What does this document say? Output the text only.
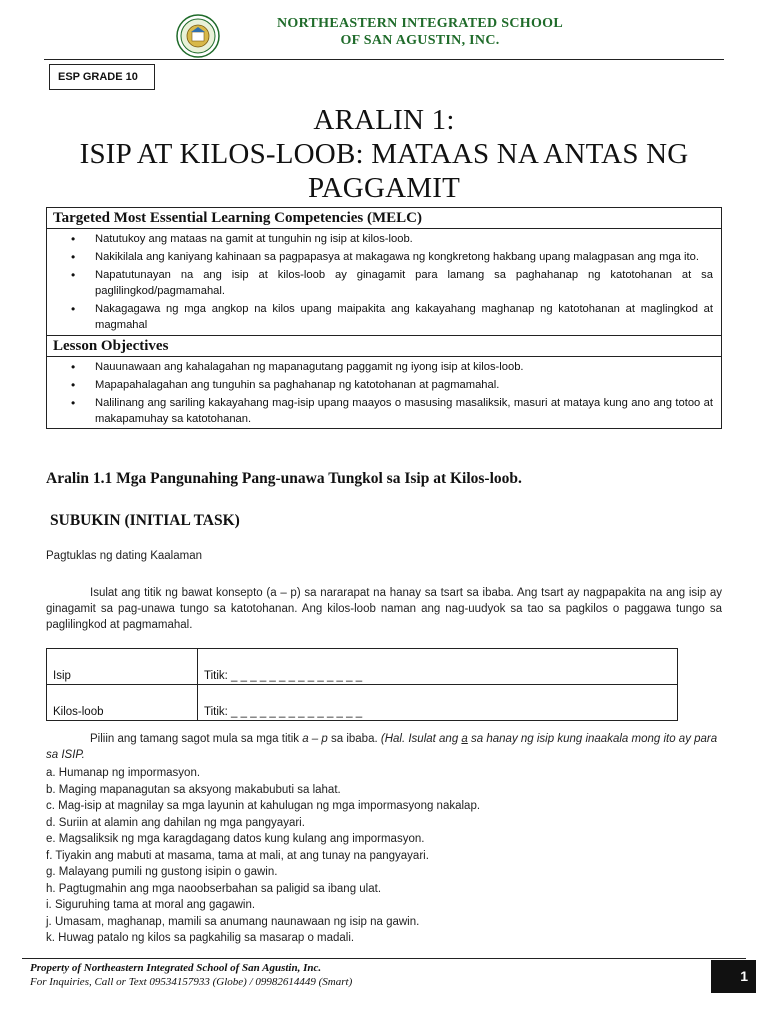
NORTHEASTERN INTEGRATED SCHOOL
OF SAN AGUSTIN, INC.
ESP GRADE 10
ARALIN 1:
ISIP AT KILOS-LOOB: MATAAS NA ANTAS NG
PAGGAMIT
Targeted Most Essential Learning Competencies (MELC)
• Natutukoy ang mataas na gamit at tunguhin ng isip at kilos-loob.
• Nakikilala ang kaniyang kahinaan sa pagpapasya at makagawa ng kongkretong hakbang upang malagpasan ang mga ito.
• Napatutunayan na ang isip at kilos-loob ay ginagamit para lamang sa paghahanap ng katotohanan at sa paglilingkod/pagmamahal.
• Nakagagawa ng mga angkop na kilos upang maipakita ang kakayahang maghanap ng katotohanan at maglingkod at magmahal
Lesson Objectives
• Nauunawaan ang kahalagahan ng mapanagutang paggamit ng iyong isip at kilos-loob.
• Mapapahalagahan ang tunguhin sa paghahanap ng katotohanan at pagmamahal.
• Nalilinang ang sariling kakayahang mag-isip upang maayos o masusing masaliksik, masuri at mataya kung ano ang totoo at makapamuhay sa katotohanan.
Aralin 1.1 Mga Pangunahing Pang-unawa Tungkol sa Isip at Kilos-loob.
SUBUKIN (INITIAL TASK)
Pagtuklas ng dating Kaalaman
Isulat ang titik ng bawat konsepto (a – p) sa nararapat na hanay sa tsart sa ibaba. Ang tsart ay nagpapakita na ang isip ay ginagamit sa pag-unawa tungo sa katotohanan. Ang kilos-loob naman ang nag-uudyok sa tao sa pagkilos o paggawa tungo sa paglilingkod at pagmamahal.
Isip	Titik: _ _ _ _ _ _ _ _ _ _ _ _ _ _
Kilos-loob	Titik: _ _ _ _ _ _ _ _ _ _ _ _ _ _
Piliin ang tamang sagot mula sa mga titik a – p sa ibaba. (Hal. Isulat ang a sa hanay ng isip kung inaakala mong ito ay para sa ISIP.
a. Humanap ng impormasyon.
b. Maging mapanagutan sa aksyong makabubuti sa lahat.
c. Mag-isip at magnilay sa mga layunin at kahulugan ng mga impormasyong nakalap.
d. Suriin at alamin ang dahilan ng mga pangyayari.
e. Magsaliksik ng mga karagdagang datos kung kulang ang impormasyon.
f. Tiyakin ang mabuti at masama, tama at mali, at ang tunay na pangyayari.
g. Malayang pumili ng gustong isipin o gawin.
h. Pagtugmahin ang mga naoobserbahan sa paligid sa ibang ulat.
i. Siguruhing tama at moral ang gagawin.
j. Umasam, maghanap, mamili sa anumang naunawaan ng isip na gawin.
k. Huwag patalo ng kilos sa pagkahilig sa masarap o madali.
Property of Northeastern Integrated School of San Agustin, Inc.
For Inquiries, Call or Text 09534157933 (Globe) / 09982614449 (Smart)	1
